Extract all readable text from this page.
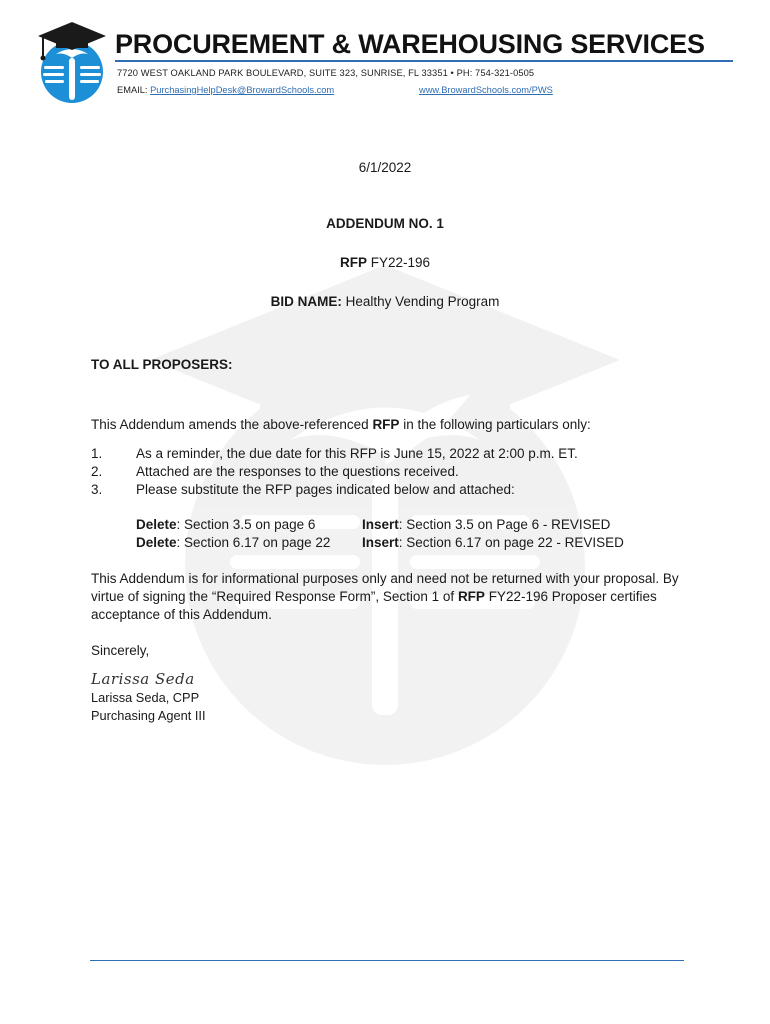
PROCUREMENT & WAREHOUSING SERVICES
7720 WEST OAKLAND PARK BOULEVARD, SUITE 323, SUNRISE, FL 33351 • PH: 754-321-0505
EMAIL: PurchasingHelpDesk@BrowardSchools.com	www.BrowardSchools.com/PWS
6/1/2022
ADDENDUM NO. 1
RFP FY22-196
BID NAME: Healthy Vending Program
TO ALL PROPOSERS:
This Addendum amends the above-referenced RFP in the following particulars only:
1. As a reminder, the due date for this RFP is June 15, 2022 at 2:00 p.m. ET.
2. Attached are the responses to the questions received.
3. Please substitute the RFP pages indicated below and attached:
Delete: Section 3.5 on page 6	Insert: Section 3.5 on Page 6 - REVISED
Delete: Section 6.17 on page 22 Insert: Section 6.17 on page 22 - REVISED
This Addendum is for informational purposes only and need not be returned with your proposal. By virtue of signing the “Required Response Form”, Section 1 of RFP FY22-196 Proposer certifies acceptance of this Addendum.
Sincerely,
Larissa Seda
Larissa Seda, CPP
Purchasing Agent III
